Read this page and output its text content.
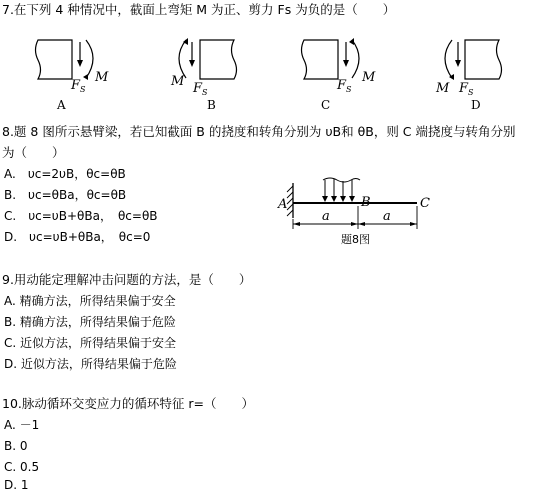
7.在下列 4 种情况中，截面上弯矩 M 为正、剪力 Fs 为负的是（　　）
$F_S$
M
A
M $F_S$
B
$F_S$
M
C
M $F_S$
D
8.题 8 图所示悬臂梁，若已知截面 B 的挠度和转角分别为 υB和 θB，则 C 端挠度与转角分别
为（　　）
A.　υc=2υB，θc=θB
B.　υc=θBa，θc=θB
C.　υc=υB+θBa，　θc=θB
D.　υc=υB+θBa，　θc=0
A	B	C
a	a
题8图
9.用动能定理解冲击问题的方法，是（　　）
A. 精确方法，所得结果偏于安全
B. 精确方法，所得结果偏于危险
C. 近似方法，所得结果偏于安全
D. 近似方法，所得结果偏于危险
10.脉动循环交变应力的循环特征 r=（　　）
A. －1
B. 0
C. 0.5
D. 1
